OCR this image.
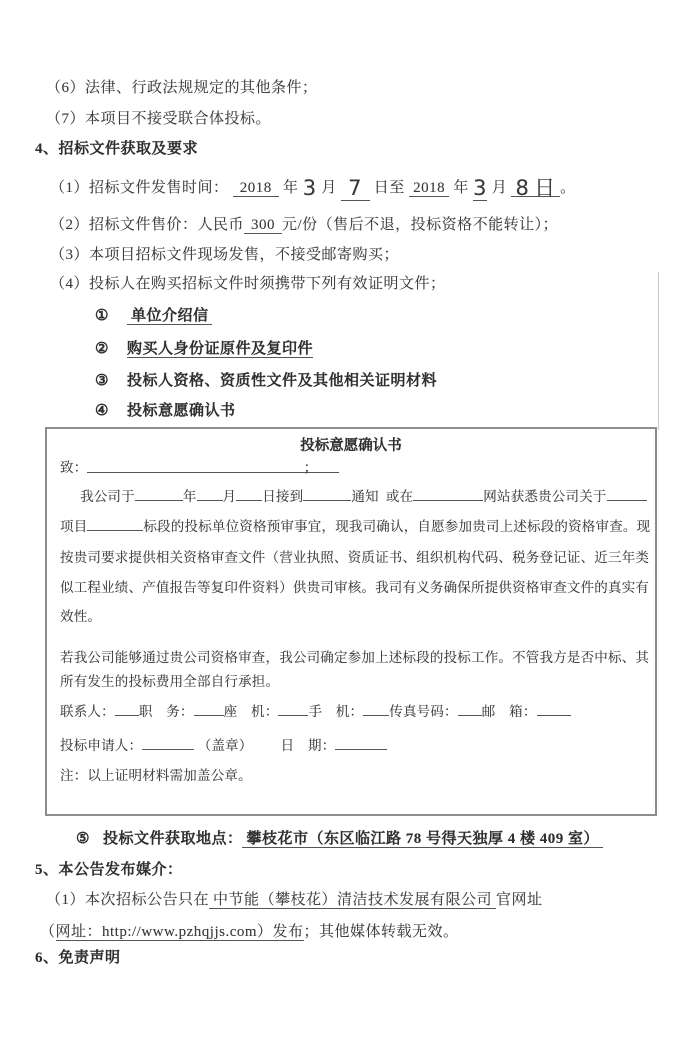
（6）法律、行政法规规定的其他条件；
（7）本项目不接受联合体投标。
4、招标文件获取及要求
（1）招标文件发售时间： 2018 年 3 月 7 日至 2018 年 3 月 8 日 。
（2）招标文件售价：人民币 300 元/份（售后不退，投标资格不能转让）；
（3）本项目招标文件现场发售，不接受邮寄购买；
（4）投标人在购买招标文件时须携带下列有效证明文件；
① 单位介绍信
② 购买人身份证原件及复印件
③ 投标人资格、资质性文件及其他相关证明材料
④ 投标意愿确认书
投标意愿确认书
致：	；
我公司于	年 月 日接到	通知 或在	网站获悉贵公司关于
项目	标段的投标单位资格预审事宜，现我司确认，自愿参加贵司上述标段的资格审查。现
按贵司要求提供相关资格审查文件（营业执照、资质证书、组织机构代码、税务登记证、近三年类
似工程业绩、产值报告等复印件资料）供贵司审核。我司有义务确保所提供资格审查文件的真实有
效性。
若我公司能够通过贵公司资格审查，我公司确定参加上述标段的投标工作。不管我方是否中标、其
所有发生的投标费用全部自行承担。
联系人： 职　务： 座　机： 手　机： 传真号码： 邮　箱：
投标申请人：	（盖章） 日　期：
注：以上证明材料需加盖公章。
⑤ 投标文件获取地点： 攀枝花市（东区临江路 78 号得天独厚 4 楼 409 室）
5、本公告发布媒介：
（1）本次招标公告只在 中节能（攀枝花）清洁技术发展有限公司 官网址
（网址：http://www.pzhqjjs.com）发布；其他媒体转载无效。
6、免责声明
